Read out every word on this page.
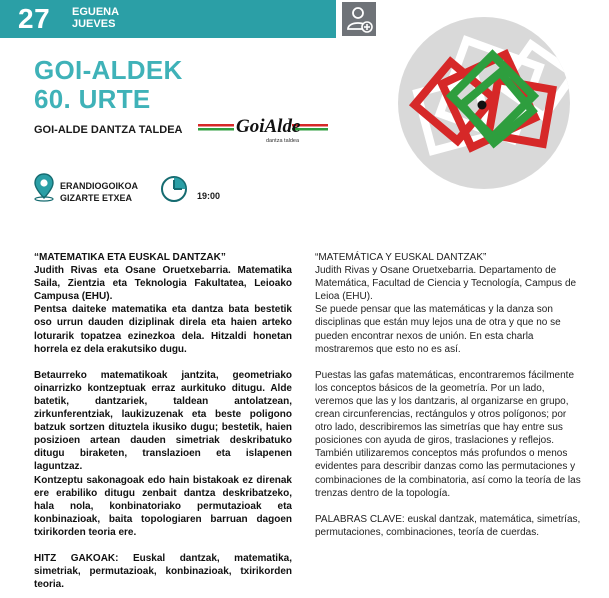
27 EGUENA
JUEVES
GOI-ALDEK
60. URTE
GOI-ALDE DANTZA TALDEA	GoiAlde
dantza taldea
ERANDIOGOIKOA
GIZARTE ETXEA	19:00

“MATEMATIKA ETA EUSKAL DANTZAK”

Judith Rivas eta Osane Oruetxebarria. Matematika Saila, Zientzia eta Teknologia Fakultatea, Leioako Campusa (EHU).

Pentsa daiteke matematika eta dantza bata bestetik oso urrun dauden diziplinak direla eta haien arteko loturarik topatzea ezinezkoa dela. Hitzaldi honetan horrela ez dela erakutsiko dugu.

Betaurreko matematikoak jantzita, geometriako oinarrizko kontzeptuak erraz aurkituko ditugu. Alde batetik, dantzariek, taldean antolatzean, zirkunferentziak, laukizuzenak eta beste poligono batzuk sortzen dituztela ikusiko dugu; bestetik, haien posizioen artean dauden simetriak deskribatuko ditugu biraketen, translazioen eta islapenen laguntzaz.

Kontzeptu sakonagoak edo hain bistakoak ez direnak ere erabiliko ditugu zenbait dantza deskribatzeko, hala nola, konbinatoriako permutazioak eta konbinazioak, baita topologiaren barruan dagoen txirikorden teoria ere.

HITZ GAKOAK: Euskal dantzak, matematika, simetriak, permutazioak, konbinazioak, txirikorden teoria.

“MATEMÁTICA Y EUSKAL DANTZAK”

Judith Rivas y Osane Oruetxebarria. Departamento de Matemática, Facultad de Ciencia y Tecnología, Campus de Leioa (EHU).

Se puede pensar que las matemáticas y la danza son disciplinas que están muy lejos una de otra y que no se pueden encontrar nexos de unión. En esta charla mostraremos que esto no es así.

Puestas las gafas matemáticas, encontraremos fácilmente los conceptos básicos de la geometría. Por un lado, veremos que las y los dantzaris, al organizarse en grupo, crean circunferencias, rectángulos y otros polígonos; por otro lado, describiremos las simetrías que hay entre sus posiciones con ayuda de giros, traslaciones y reflejos.

También utilizaremos conceptos más profundos o menos evidentes para describir danzas como las permutaciones y combinaciones de la combinatoria, así como la teoría de las trenzas dentro de la topología.

PALABRAS CLAVE: euskal dantzak, matemática, simetrías, permutaciones, combinaciones, teoría de cuerdas.
